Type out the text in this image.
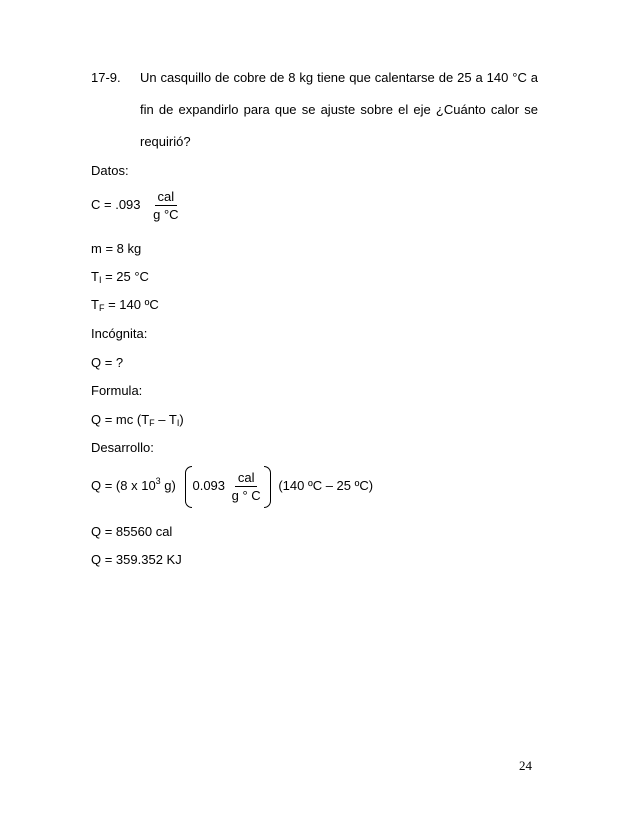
17-9. Un casquillo de cobre de 8 kg tiene que calentarse de 25 a 140 °C a
fin de expandirlo para que se ajuste sobre el eje ¿Cuánto calor se
requirió?
Datos:
$C = .093 \frac{\text{cal}}{g ^\circ C}$
m = 8 kg
$T_I = 25$ °C
$T_F = 140$ ºC
Incógnita:
Q = ?
Formula:
Q = mc $(T_F - T_I)$
Desarrollo:
Q = (8 x $10^3$ g) $0.093 \frac{\text{cal}}{g ^\circ C} (140$ ºC – 25 ºC)
Q = 85560 cal
Q = 359.352 KJ
24
